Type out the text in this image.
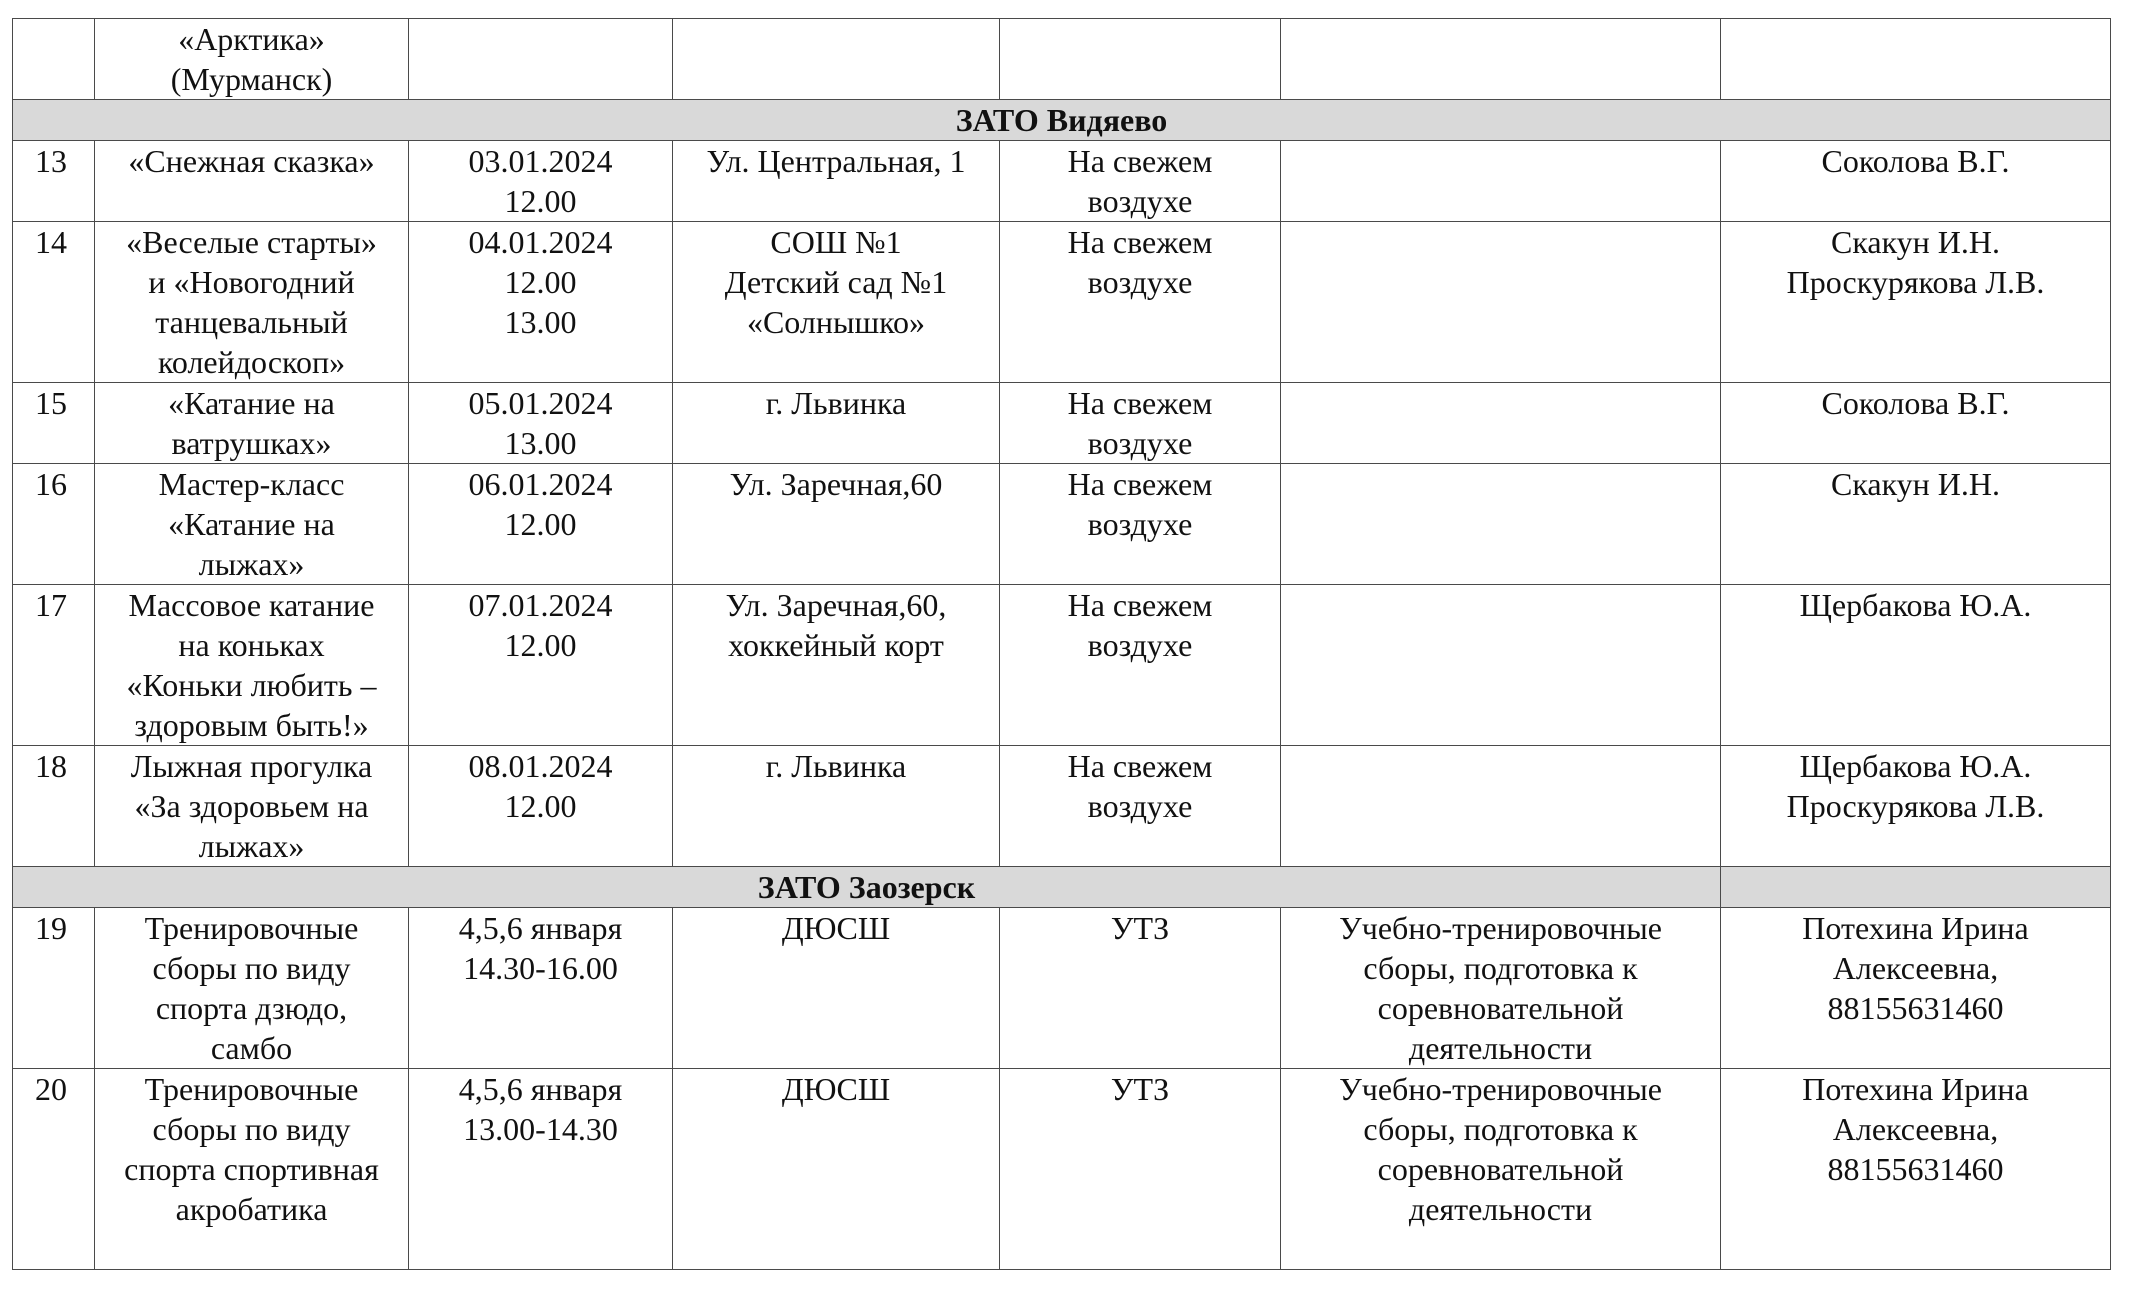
	«Арктика»
(Мурманск)					
ЗАТО Видяево						
13	«Снежная сказка»	03.01.2024
12.00	Ул. Центральная, 1	На свежем
воздухе		Соколова В.Г.
14	«Веселые старты»
и «Новогодний
танцевальный
колейдоскоп»	04.01.2024
12.00
13.00	СОШ №1
Детский сад №1
«Солнышко»	На свежем
воздухе		Скакун И.Н.
Проскурякова Л.В.
15	«Катание на
ватрушках»	05.01.2024
13.00	г. Львинка	На свежем
воздухе		Соколова В.Г.
16	Мастер-класс
«Катание на
лыжах»	06.01.2024
12.00	Ул. Заречная,60	На свежем
воздухе		Скакун И.Н.
17	Массовое катание
на коньках
«Коньки любить –
здоровым быть!»	07.01.2024
12.00	Ул. Заречная,60,
хоккейный корт	На свежем
воздухе		Щербакова Ю.А.
18	Лыжная прогулка
«За здоровьем на
лыжах»	08.01.2024
12.00	г. Львинка	На свежем
воздухе		Щербакова Ю.А.
Проскурякова Л.В.
ЗАТО Заозерск						
19	Тренировочные
сборы по виду
спорта дзюдо,
самбо	4,5,6 января
14.30-16.00	ДЮСШ	УТЗ	Учебно-тренировочные
сборы, подготовка к
соревновательной
деятельности	Потехина Ирина
Алексеевна,
88155631460
20	Тренировочные
сборы по виду
спорта спортивная
акробатика	4,5,6 января
13.00-14.30	ДЮСШ	УТЗ	Учебно-тренировочные
сборы, подготовка к
соревновательной
деятельности	Потехина Ирина
Алексеевна,
88155631460
